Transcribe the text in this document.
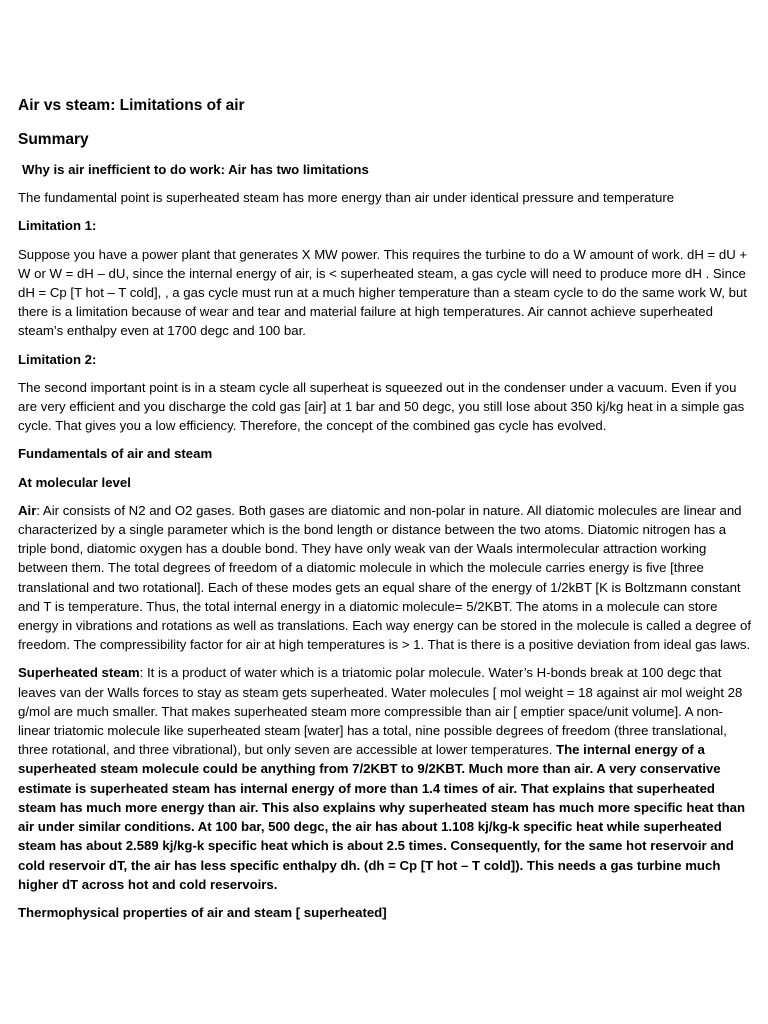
Air vs steam: Limitations of air
Summary
Why is air inefficient to do work: Air has two limitations
The fundamental point is superheated steam has more energy than air under identical pressure and temperature
Limitation 1:
Suppose you have a power plant that generates X MW power. This requires the turbine to do a W amount of work. dH = dU + W or W = dH – dU, since the internal energy of air, is < superheated steam, a gas cycle will need to produce more dH . Since dH = Cp [T hot – T cold], , a gas cycle must run at a much higher temperature than a steam cycle to do the same work W, but there is a limitation because of wear and tear and material failure at high temperatures. Air cannot achieve superheated steam’s enthalpy even at 1700 degc and 100 bar.
Limitation 2:
The second important point is in a steam cycle all superheat is squeezed out in the condenser under a vacuum. Even if you are very efficient and you discharge the cold gas [air] at 1 bar and 50 degc, you still lose about 350 kj/kg heat in a simple gas cycle. That gives you a low efficiency. Therefore, the concept of the combined gas cycle has evolved.
Fundamentals of air and steam
At molecular level
Air: Air consists of N2 and O2 gases. Both gases are diatomic and non-polar in nature. All diatomic molecules are linear and characterized by a single parameter which is the bond length or distance between the two atoms. Diatomic nitrogen has a triple bond, diatomic oxygen has a double bond. They have only weak van der Waals intermolecular attraction working between them. The total degrees of freedom of a diatomic molecule in which the molecule carries energy is five [three translational and two rotational]. Each of these modes gets an equal share of the energy of 1/2kBT [K is Boltzmann constant and T is temperature. Thus, the total internal energy in a diatomic molecule= 5/2KBT. The atoms in a molecule can store energy in vibrations and rotations as well as translations. Each way energy can be stored in the molecule is called a degree of freedom. The compressibility factor for air at high temperatures is > 1. That is there is a positive deviation from ideal gas laws.
Superheated steam: It is a product of water which is a triatomic polar molecule. Water’s H-bonds break at 100 degc that leaves van der Walls forces to stay as steam gets superheated. Water molecules [ mol weight = 18 against air mol weight 28 g/mol are much smaller. That makes superheated steam more compressible than air [ emptier space/unit volume]. A non-linear triatomic molecule like superheated steam [water] has a total, nine possible degrees of freedom (three translational, three rotational, and three vibrational), but only seven are accessible at lower temperatures. The internal energy of a superheated steam molecule could be anything from 7/2KBT to 9/2KBT. Much more than air. A very conservative estimate is superheated steam has internal energy of more than 1.4 times of air. That explains that superheated steam has much more energy than air. This also explains why superheated steam has much more specific heat than air under similar conditions. At 100 bar, 500 degc, the air has about 1.108 kj/kg-k specific heat while superheated steam has about 2.589 kj/kg-k specific heat which is about 2.5 times. Consequently, for the same hot reservoir and cold reservoir dT, the air has less specific enthalpy dh. (dh = Cp [T hot – T cold]). This needs a gas turbine much higher dT across hot and cold reservoirs.
Thermophysical properties of air and steam [ superheated]
